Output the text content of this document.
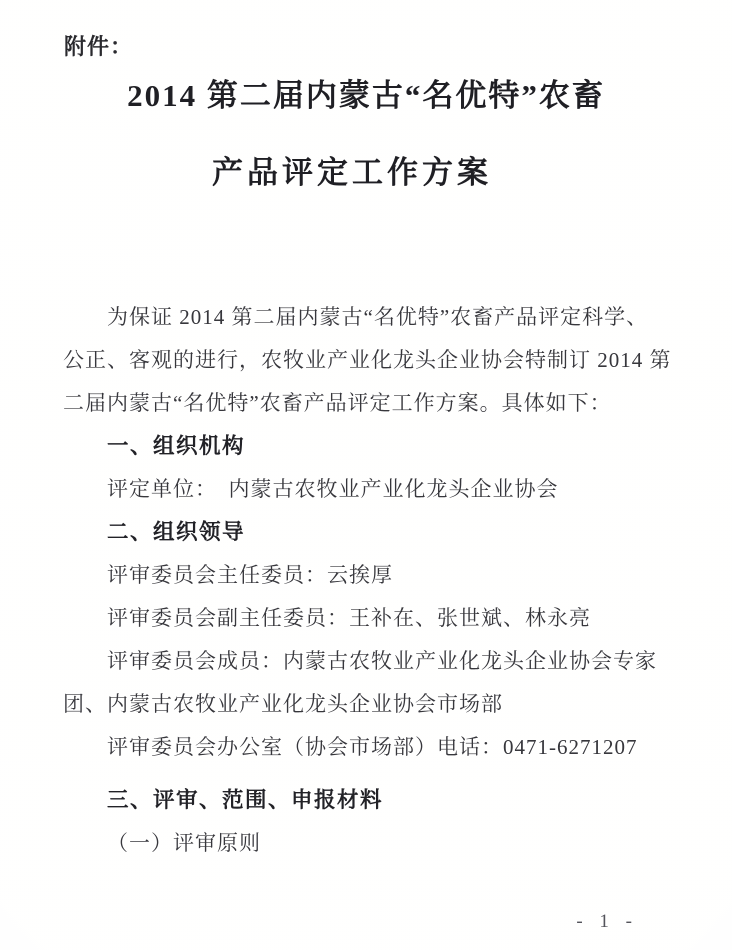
附件：
2014 第二届内蒙古“名优特”农畜
产品评定工作方案
为保证 2014 第二届内蒙古“名优特”农畜产品评定科学、
公正、客观的进行，农牧业产业化龙头企业协会特制订 2014 第
二届内蒙古“名优特”农畜产品评定工作方案。具体如下：
一、组织机构
评定单位：　内蒙古农牧业产业化龙头企业协会
二、组织领导
评审委员会主任委员：云挨厚
评审委员会副主任委员：王补在、张世斌、林永亮
评审委员会成员：内蒙古农牧业产业化龙头企业协会专家
团、内蒙古农牧业产业化龙头企业协会市场部
评审委员会办公室（协会市场部）电话：0471-6271207
三、评审、范围、申报材料
（一）评审原则
- 1 -
